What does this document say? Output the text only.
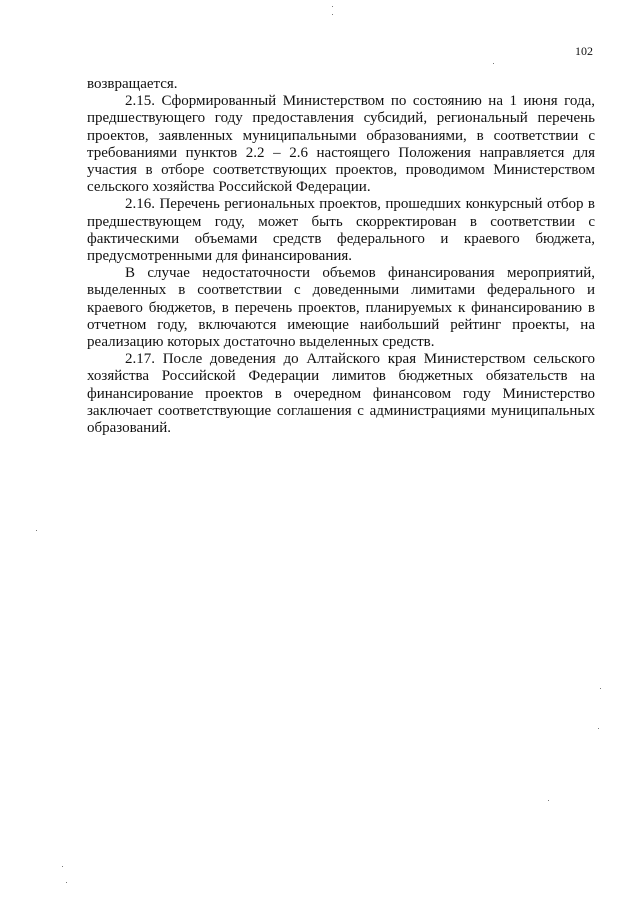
102

возвращается.

2.15. Сформированный Министерством по состоянию на 1 июня года, предшествующего году предоставления субсидий, региональный перечень проектов, заявленных муниципальными образованиями, в соответствии с требованиями пунктов 2.2 – 2.6 настоящего Положения направляется для участия в отборе соответствующих проектов, проводимом Министерством сельского хозяйства Российской Федерации.

2.16. Перечень региональных проектов, прошедших конкурсный отбор в предшествующем году, может быть скорректирован в соответствии с фактическими объемами средств федерального и краевого бюджета, предусмотренными для финансирования.

В случае недостаточности объемов финансирования мероприятий, выделенных в соответствии с доведенными лимитами федерального и краевого бюджетов, в перечень проектов, планируемых к финансированию в отчетном году, включаются имеющие наибольший рейтинг проекты, на реализацию которых достаточно выделенных средств.

2.17. После доведения до Алтайского края Министерством сельского хозяйства Российской Федерации лимитов бюджетных обязательств на финансирование проектов в очередном финансовом году Министерство заключает соответствующие соглашения с администрациями муниципальных образований.
